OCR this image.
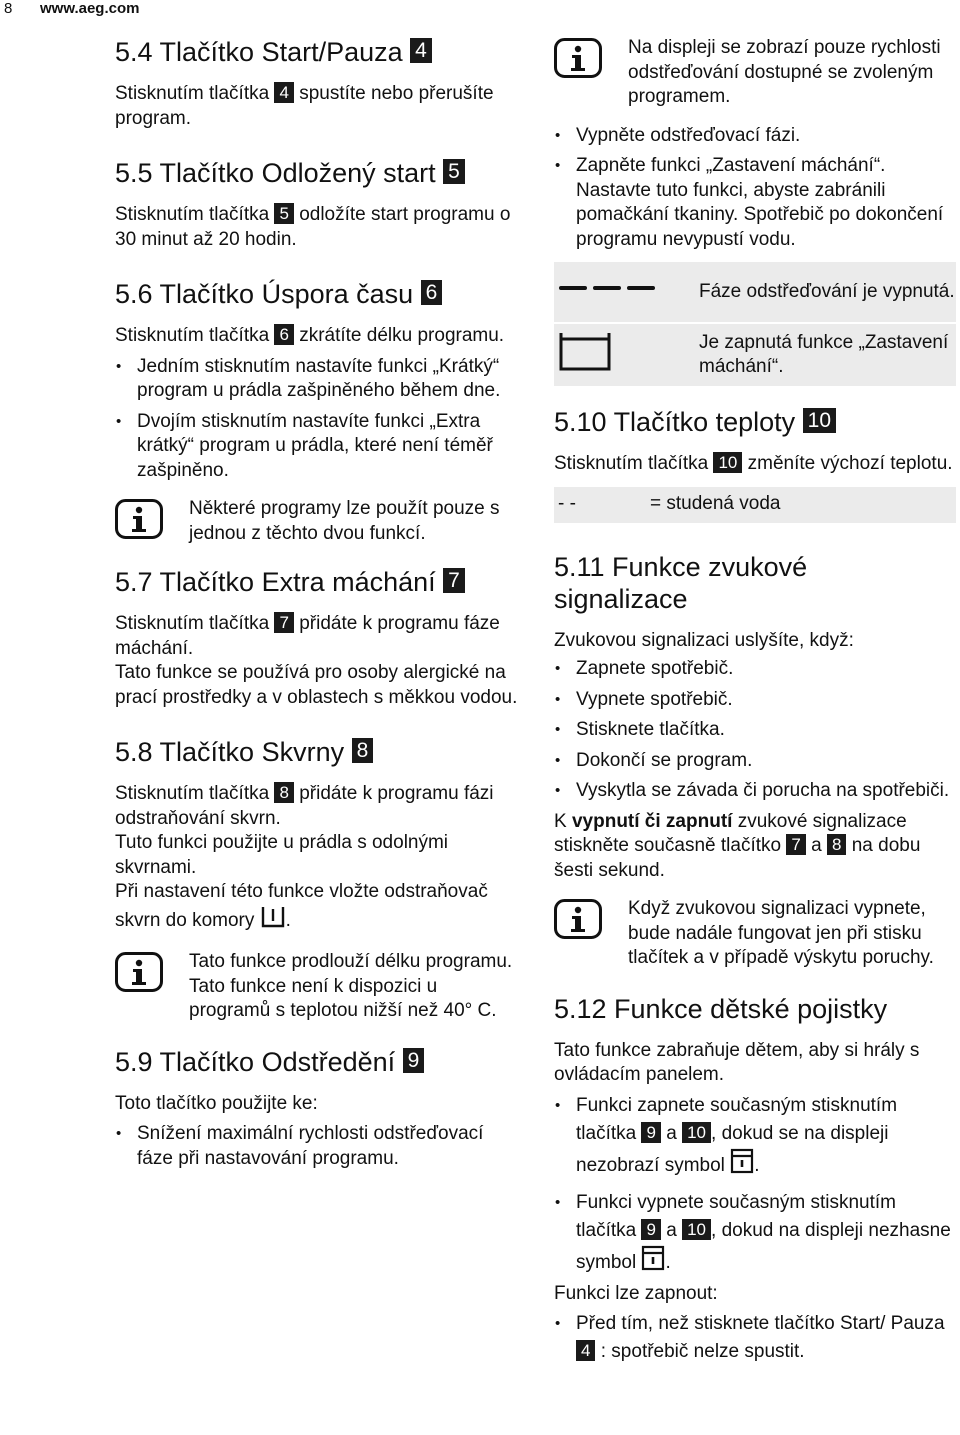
8 www.aeg.com
5.4 Tlačítko Start/Pauza 4

Stisknutím tlačítka 4 spustíte nebo přerušíte program.

5.5 Tlačítko Odložený start 5

Stisknutím tlačítka 5 odložíte start programu o 30 minut až 20 hodin.

5.6 Tlačítko Úspora času 6

Stisknutím tlačítka 6 zkrátíte délku programu.

• Jedním stisknutím nastavíte funkci „Krátký“ program u prádla zašpiněného během dne.
• Dvojím stisknutím nastavíte funkci „Extra krátký“ program u prádla, které není téměř zašpiněno.

Některé programy lze použít pouze s jednou z těchto dvou funkcí.

5.7 Tlačítko Extra máchání 7

Stisknutím tlačítka 7 přidáte k programu fáze máchání.

Tato funkce se používá pro osoby alergické na prací prostředky a v oblastech s měkkou vodou.

5.8 Tlačítko Skvrny 8

Stisknutím tlačítka 8 přidáte k programu fázi odstraňování skvrn.

Tuto funkci použijte u prádla s odolnými skvrnami.

Při nastavení této funkce vložte odstraňovač skvrn do komory .

Tato funkce prodlouží délku programu.

Tato funkce není k dispozici u programů s teplotou nižší než 40° C.

5.9 Tlačítko Odstředění 9

Toto tlačítko použijte ke:

• Snížení maximální rychlosti odstřeďovací fáze při nastavování programu.

Na displeji se zobrazí pouze rychlosti odstřeďování dostupné se zvoleným programem.

• Vypněte odstřeďovací fázi.
• Zapněte funkci „Zastavení máchání“. Nastavte tuto funkci, abyste zabránili pomačkání tkaniny. Spotřebič po dokončení programu nevypustí vodu.
	Fáze odstřeďování je vypnutá.
	Je zapnutá funkce „Zastavení máchání“.
5.10 Tlačítko teploty 10

Stisknutím tlačítka 10 změníte výchozí teplotu.

- -	= studená voda
5.11 Funkce zvukové signalizace

Zvukovou signalizaci uslyšíte, když:

• Zapnete spotřebič.
• Vypnete spotřebič.
• Stisknete tlačítka.
• Dokončí se program.
• Vyskytla se závada či porucha na spotřebiči.

K vypnutí či zapnutí zvukové signalizace stiskněte současně tlačítko 7 a 8 na dobu šesti sekund.

Když zvukovou signalizaci vypnete, bude nadále fungovat jen při stisku tlačítek a v případě výskytu poruchy.

5.12 Funkce dětské pojistky

Tato funkce zabraňuje dětem, aby si hrály s ovládacím panelem.

• Funkci zapnete současným stisknutím tlačítka 9 a 10 , dokud se na displeji nezobrazí symbol .
• Funkci vypnete současným stisknutím tlačítka 9 a 10 , dokud na displeji nezhasne symbol .

Funkci lze zapnout:

• Před tím, než stisknete tlačítko Start/ Pauza 4 : spotřebič nelze spustit.
